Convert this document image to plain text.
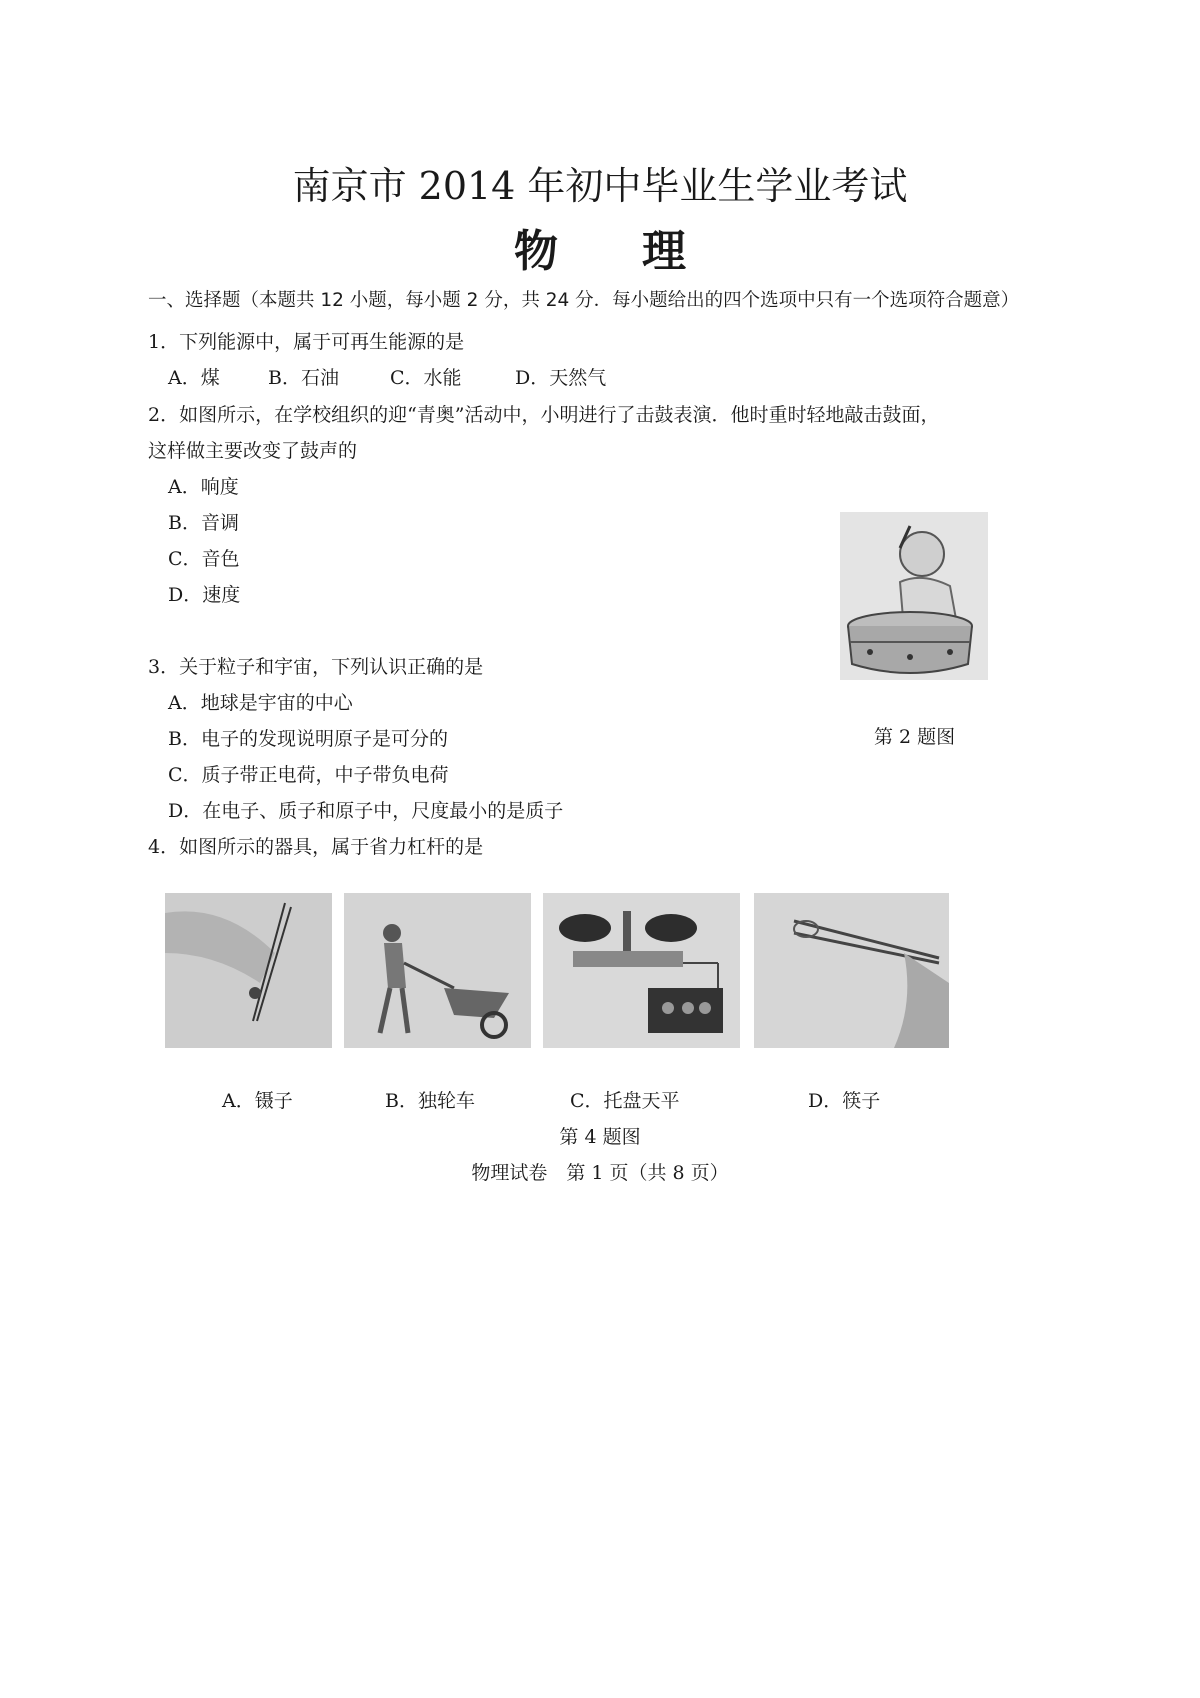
南京市 2014 年初中毕业生学业考试
物 理
一、选择题（本题共 12 小题，每小题 2 分，共 24 分．每小题给出的四个选项中只有一个选项符合题意）
1．下列能源中，属于可再生能源的是
A．煤	B．石油	C．水能	D．天然气
2．如图所示，在学校组织的迎“青奥”活动中，小明进行了击鼓表演．他时重时轻地敲击鼓面，
这样做主要改变了鼓声的
A．响度
B．音调
C．音色
D．速度
第 2 题图
3．关于粒子和宇宙，下列认识正确的是
A．地球是宇宙的中心
B．电子的发现说明原子是可分的
C．质子带正电荷，中子带负电荷
D．在电子、质子和原子中，尺度最小的是质子
4．如图所示的器具，属于省力杠杆的是
A．镊子	B．独轮车	C．托盘天平	D．筷子
第 4 题图
物理试卷　第 1 页（共 8 页）
